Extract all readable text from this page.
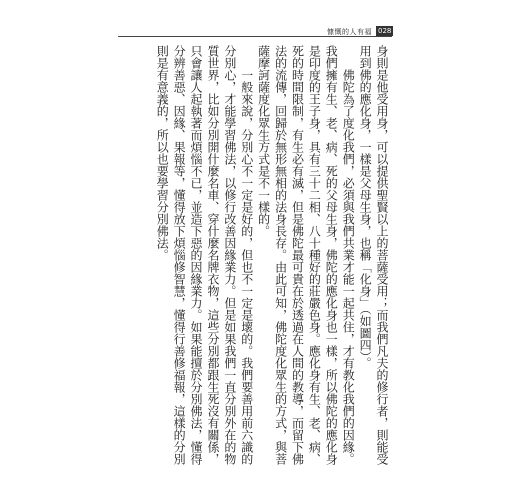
慷慨的人有福 028

身則是他受用身，可以提供聖賢以上的菩薩受用；而我們凡夫的修行者，則能受用到佛的應化身，一樣是父母生身，也稱「化身」（如圖四）。

佛陀為了度化我們，必須與我們共業才能一起共住，才有教化我們的因緣。我們擁有生、老、病、死的父母生身，佛陀的應化身也一樣，所以佛陀的應化身是印度的王子身，具有三十二相、八十種好的莊嚴色身。應化身有生、老、病、死的時間限制，有生必有滅，但是佛陀最可貴在於透過在人間的教導，而留下佛法的流傳，回歸於無形無相的法身長存。由此可知，佛陀度化眾生的方式，與菩薩摩訶薩度化眾生方式是不一樣的。

一般來說，分別心不一定是好的，但也不一定是壞的。我們要善用前六識的分別心，才能學習佛法，以修行改善因緣業力。但是如果我們一直分別外在的物質世界，比如分別開什麼名車、穿什麼名牌衣物，這些分別都跟生死沒有關係，只會讓人起執著而煩惱不已，並造下惡的因緣業力。如果能擅於分別佛法，懂得分辨善惡、因緣、果報等，懂得放下煩惱修智慧，懂得行善修福報，這樣的分別則是有意義的，所以也要學習分別佛法。
